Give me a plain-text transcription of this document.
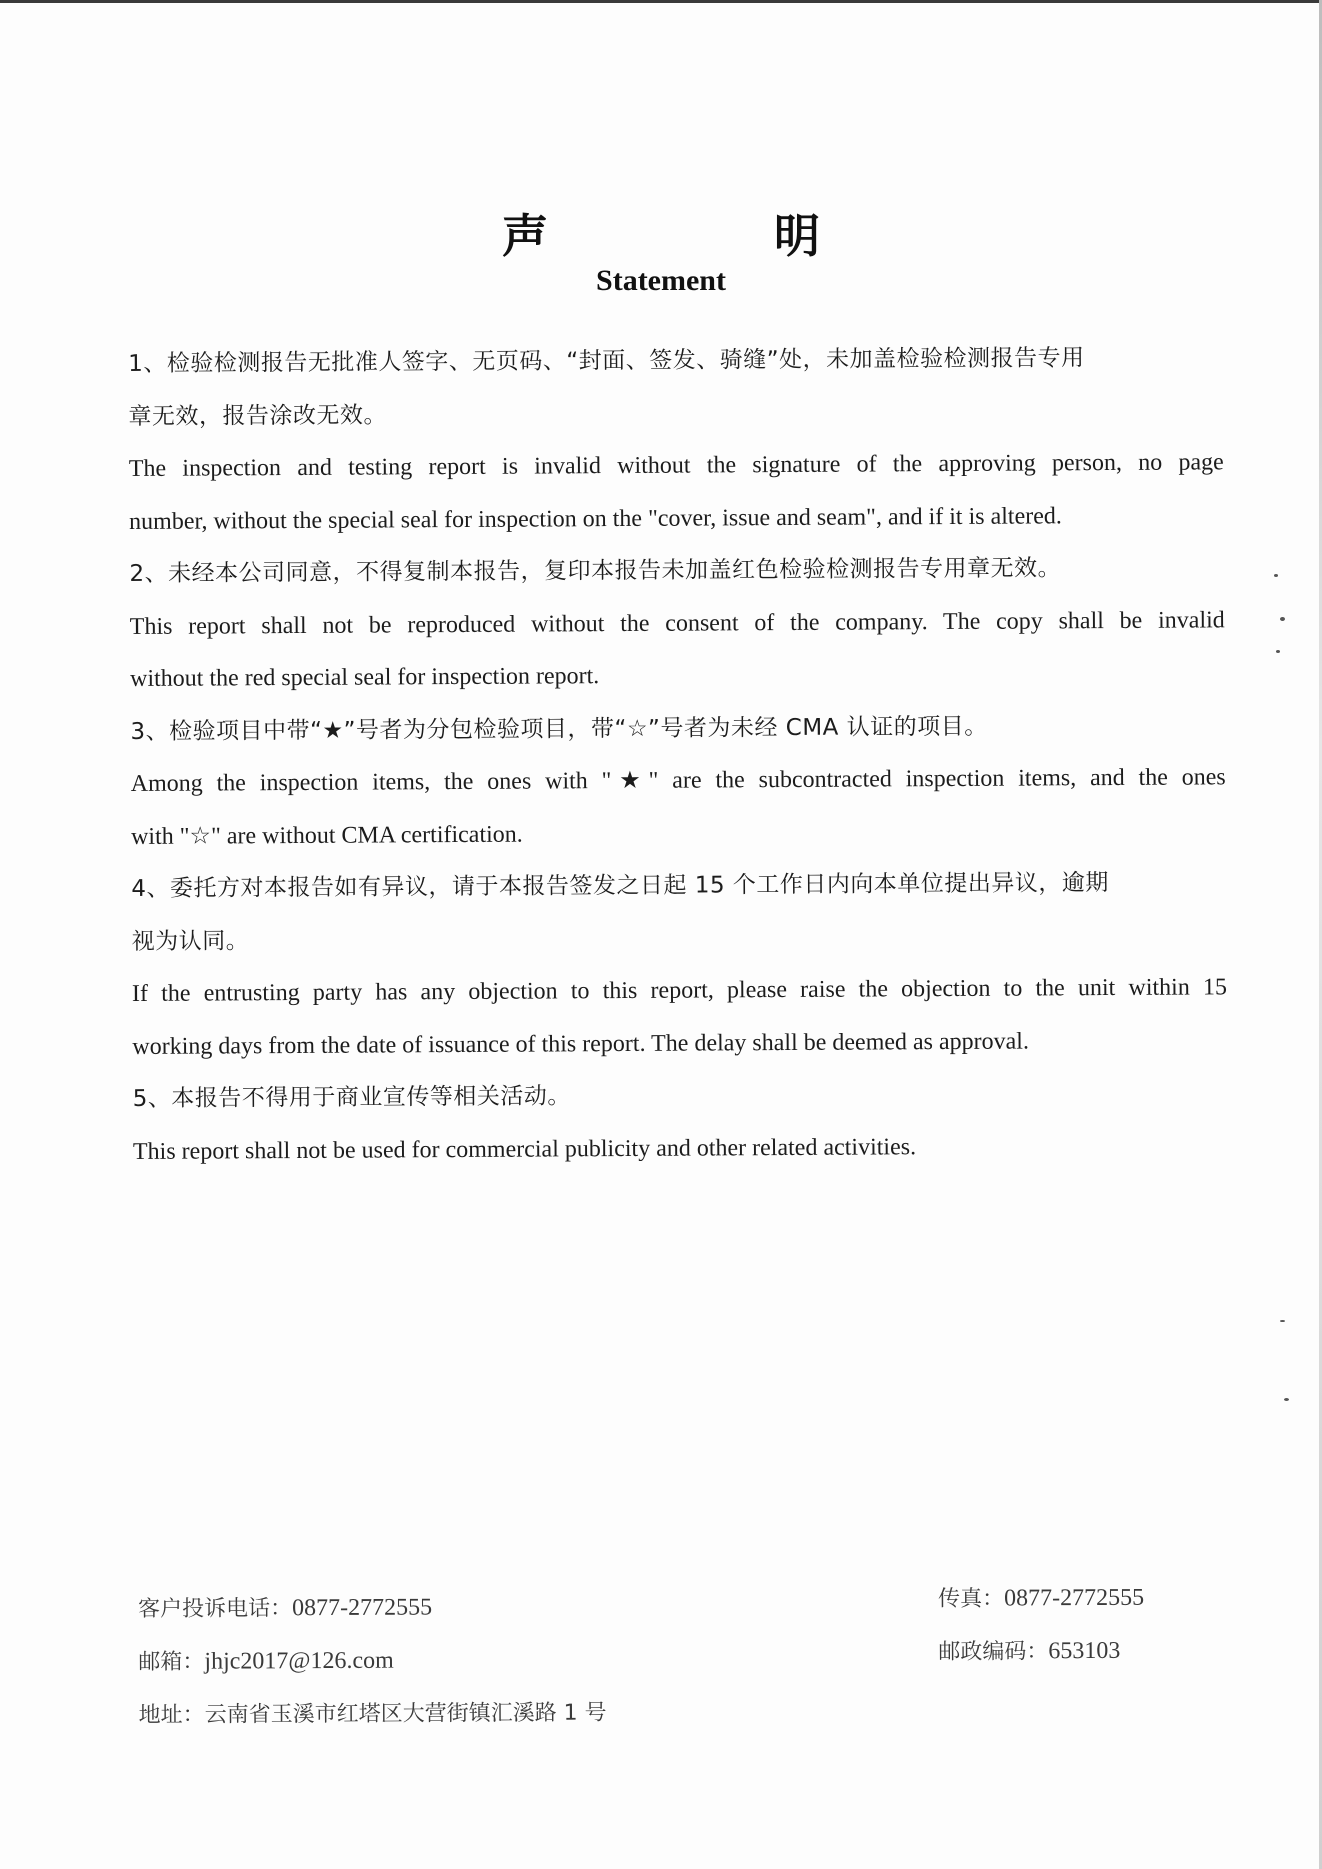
声　明
Statement
1、检验检测报告无批准人签字、无页码、“封面、签发、骑缝”处，未加盖检验检测报告专用
章无效，报告涂改无效。
The inspection and testing report is invalid without the signature of the approving person, no page
number, without the special seal for inspection on the "cover, issue and seam", and if it is altered.
2、未经本公司同意，不得复制本报告，复印本报告未加盖红色检验检测报告专用章无效。
This report shall not be reproduced without the consent of the company. The copy shall be invalid
without the red special seal for inspection report.
3、检验项目中带“★”号者为分包检验项目，带“☆”号者为未经 CMA 认证的项目。
Among the inspection items, the ones with "★" are the subcontracted inspection items, and the ones
with "☆" are without CMA certification.
4、委托方对本报告如有异议，请于本报告签发之日起 15 个工作日内向本单位提出异议，逾期
视为认同。
If the entrusting party has any objection to this report, please raise the objection to the unit within 15
working days from the date of issuance of this report. The delay shall be deemed as approval.
5、本报告不得用于商业宣传等相关活动。
This report shall not be used for commercial publicity and other related activities.
客户投诉电话：0877-2772555	传真：0877-2772555
邮箱：jhjc2017@126.com	邮政编码：653103
地址：云南省玉溪市红塔区大营街镇汇溪路 1 号
